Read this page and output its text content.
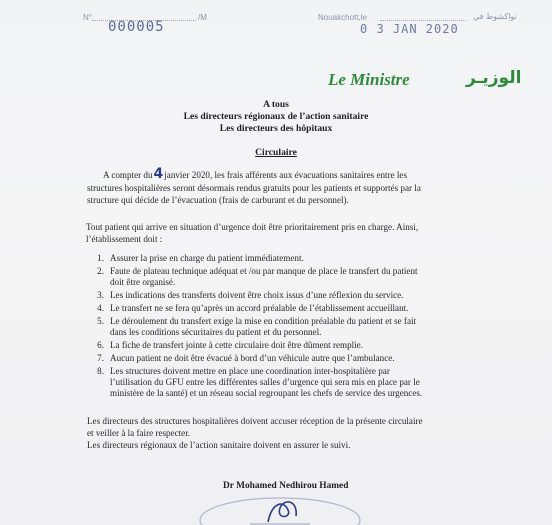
N°	/M
000005
Nouakchott,le	نواكشوط في
0 3 JAN 2020
Le Ministre	الوزيـر
A tous
Les directeurs régionaux de l’action sanitaire
Les directeurs des hôpitaux
Circulaire
A compter du4janvier 2020, les frais afférents aux évacuations sanitaires entre les
structures hospitalières seront désormais rendus gratuits pour les patients et supportés par la
structure qui décide de l’évacuation (frais de carburant et du personnel).
Tout patient qui arrive en situation d’urgence doit être prioritairement pris en charge. Ainsi,
l’établissement doit :
1. Assurer la prise en charge du patient immédiatement.
2. Faute de plateau technique adéquat et /ou par manque de place le transfert du patient
doit être organisé.
3. Les indications des transferts doivent être choix issus d’une réflexion du service.
4. Le transfert ne se fera qu’après un accord préalable de l’établissement accueillant.
5. Le déroulement du transfert exige la mise en condition préalable du patient et se fait
dans les conditions sécuritaires du patient et du personnel.
6. La fiche de transfert jointe à cette circulaire doit être dûment remplie.
7. Aucun patient ne doit être évacué à bord d’un véhicule autre que l’ambulance.
8. Les structures doivent mettre en place une coordination inter-hospitalière par
l’utilisation du GFU entre les différentes salles d’urgence qui sera mis en place par le
ministère de la santé) et un réseau social regroupant les chefs de service des urgences.
Les directeurs des structures hospitalières doivent accuser réception de la présente circulaire
et veiller à la faire respecter.
Les directeurs régionaux de l’action sanitaire doivent en assurer le suivi.
Dr Mohamed Nedhirou Hamed
